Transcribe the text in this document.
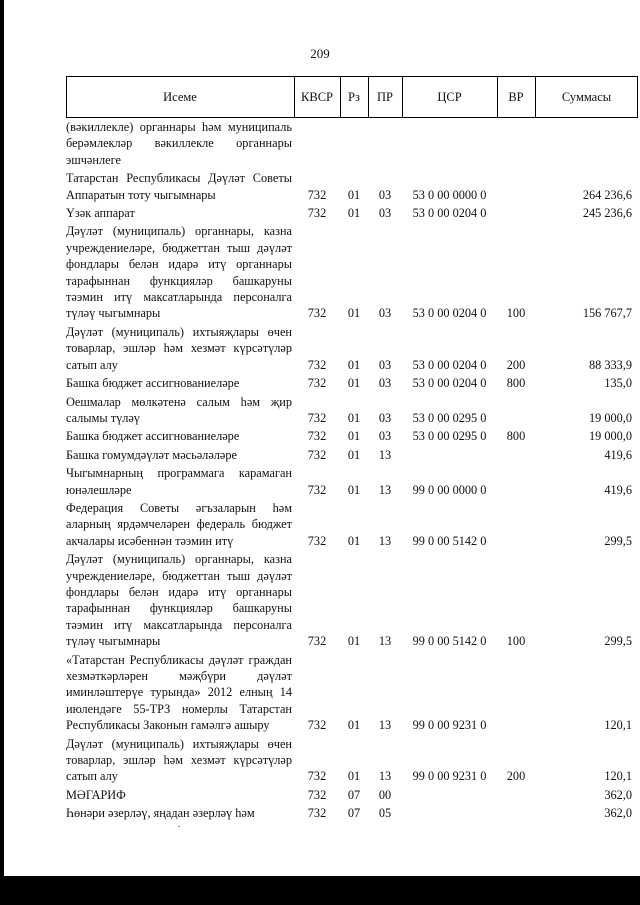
209
Исеме	КВСР	Рз	ПР	ЦСР	ВР	Суммасы
(вәкиллекле) органнары һәм муниципаль берәмлекләр вәкиллекле органнары эшчәнлеге						

Татарстан Республикасы Дәүләт Советы Аппаратын тоту чыгымнары	732	01	03	53 0 00 0000 0		264 236,6

Үзәк аппарат	732	01	03	53 0 00 0204 0		245 236,6

Дәүләт (муниципаль) органнары, казна учреждениеләре, бюджеттан тыш дәүләт фондлары белән идарә итү органнары тарафыннан функцияләр башкаруны тәэмин итү максатларында персоналга түләү чыгымнары	732	01	03	53 0 00 0204 0	100	156 767,7

Дәүләт (муниципаль) ихтыяҗлары өчен товарлар, эшләр һәм хезмәт күрсәтүләр сатып алу	732	01	03	53 0 00 0204 0	200	88 333,9

Башка бюджет ассигнованиеләре	732	01	03	53 0 00 0204 0	800	135,0

Оешмалар мөлкәтенә салым һәм җир салымы түләү	732	01	03	53 0 00 0295 0		19 000,0

Башка бюджет ассигнованиеләре	732	01	03	53 0 00 0295 0	800	19 000,0

Башка гомумдәүләт мәсьәләләре	732	01	13			419,6

Чыгымнарның программага карамаган юнәлешләре	732	01	13	99 0 00 0000 0		419,6

Федерация Советы әгъзаларын һәм аларның ярдәмчеләрен федераль бюджет акчалары исәбеннән тәэмин итү	732	01	13	99 0 00 5142 0		299,5

Дәүләт (муниципаль) органнары, казна учреждениеләре, бюджеттан тыш дәүләт фондлары белән идарә итү органнары тарафыннан функцияләр башкаруны тәэмин итү максатларында персоналга түләү чыгымнары	732	01	13	99 0 00 5142 0	100	299,5

«Татарстан Республикасы дәүләт граждан хезмәткәрләрен мәҗбүри дәүләт иминләштерүе турында» 2012 елның 14 июлендәге 55-ТРЗ номерлы Татарстан Республикасы Законын гамәлгә ашыру	732	01	13	99 0 00 9231 0		120,1

Дәүләт (муниципаль) ихтыяҗлары өчен товарлар, эшләр һәм хезмәт күрсәтүләр сатып алу	732	01	13	99 0 00 9231 0	200	120,1

МӘГАРИФ	732	07	00			362,0

Һөнәри әзерләү, яңадан әзерләү һәм	732	07	05			362,0
